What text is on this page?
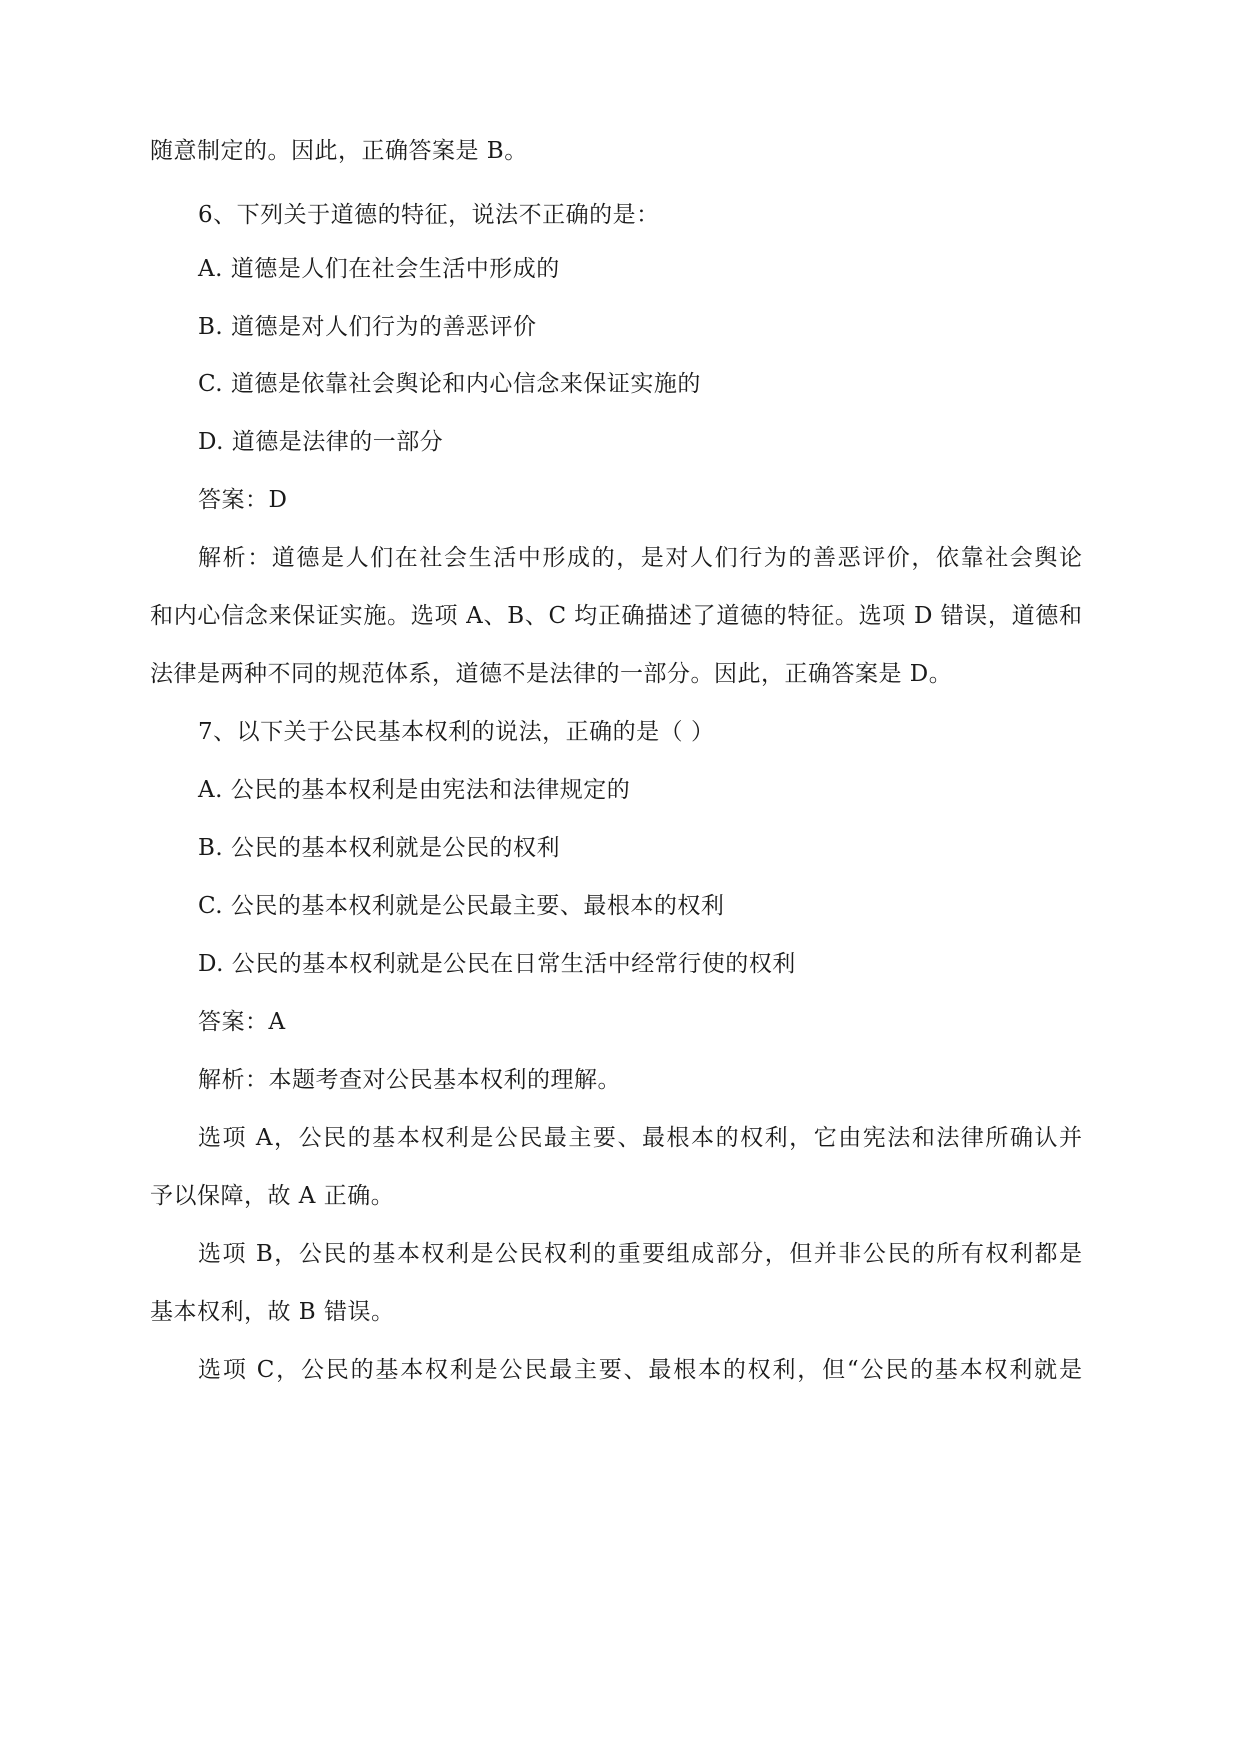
随意制定的。因此，正确答案是 B。
6、下列关于道德的特征，说法不正确的是：
A. 道德是人们在社会生活中形成的
B. 道德是对人们行为的善恶评价
C. 道德是依靠社会舆论和内心信念来保证实施的
D. 道德是法律的一部分
答案：D
解析：道德是人们在社会生活中形成的，是对人们行为的善恶评价，依靠社会舆论
和内心信念来保证实施。选项 A、B、C 均正确描述了道德的特征。选项 D 错误，道德和
法律是两种不同的规范体系，道德不是法律的一部分。因此，正确答案是 D。
7、以下关于公民基本权利的说法，正确的是（ ）
A. 公民的基本权利是由宪法和法律规定的
B. 公民的基本权利就是公民的权利
C. 公民的基本权利就是公民最主要、最根本的权利
D. 公民的基本权利就是公民在日常生活中经常行使的权利
答案：A
解析：本题考查对公民基本权利的理解。
选项 A，公民的基本权利是公民最主要、最根本的权利，它由宪法和法律所确认并
予以保障，故 A 正确。
选项 B，公民的基本权利是公民权利的重要组成部分，但并非公民的所有权利都是
基本权利，故 B 错误。
选项 C，公民的基本权利是公民最主要、最根本的权利，但“公民的基本权利就是
